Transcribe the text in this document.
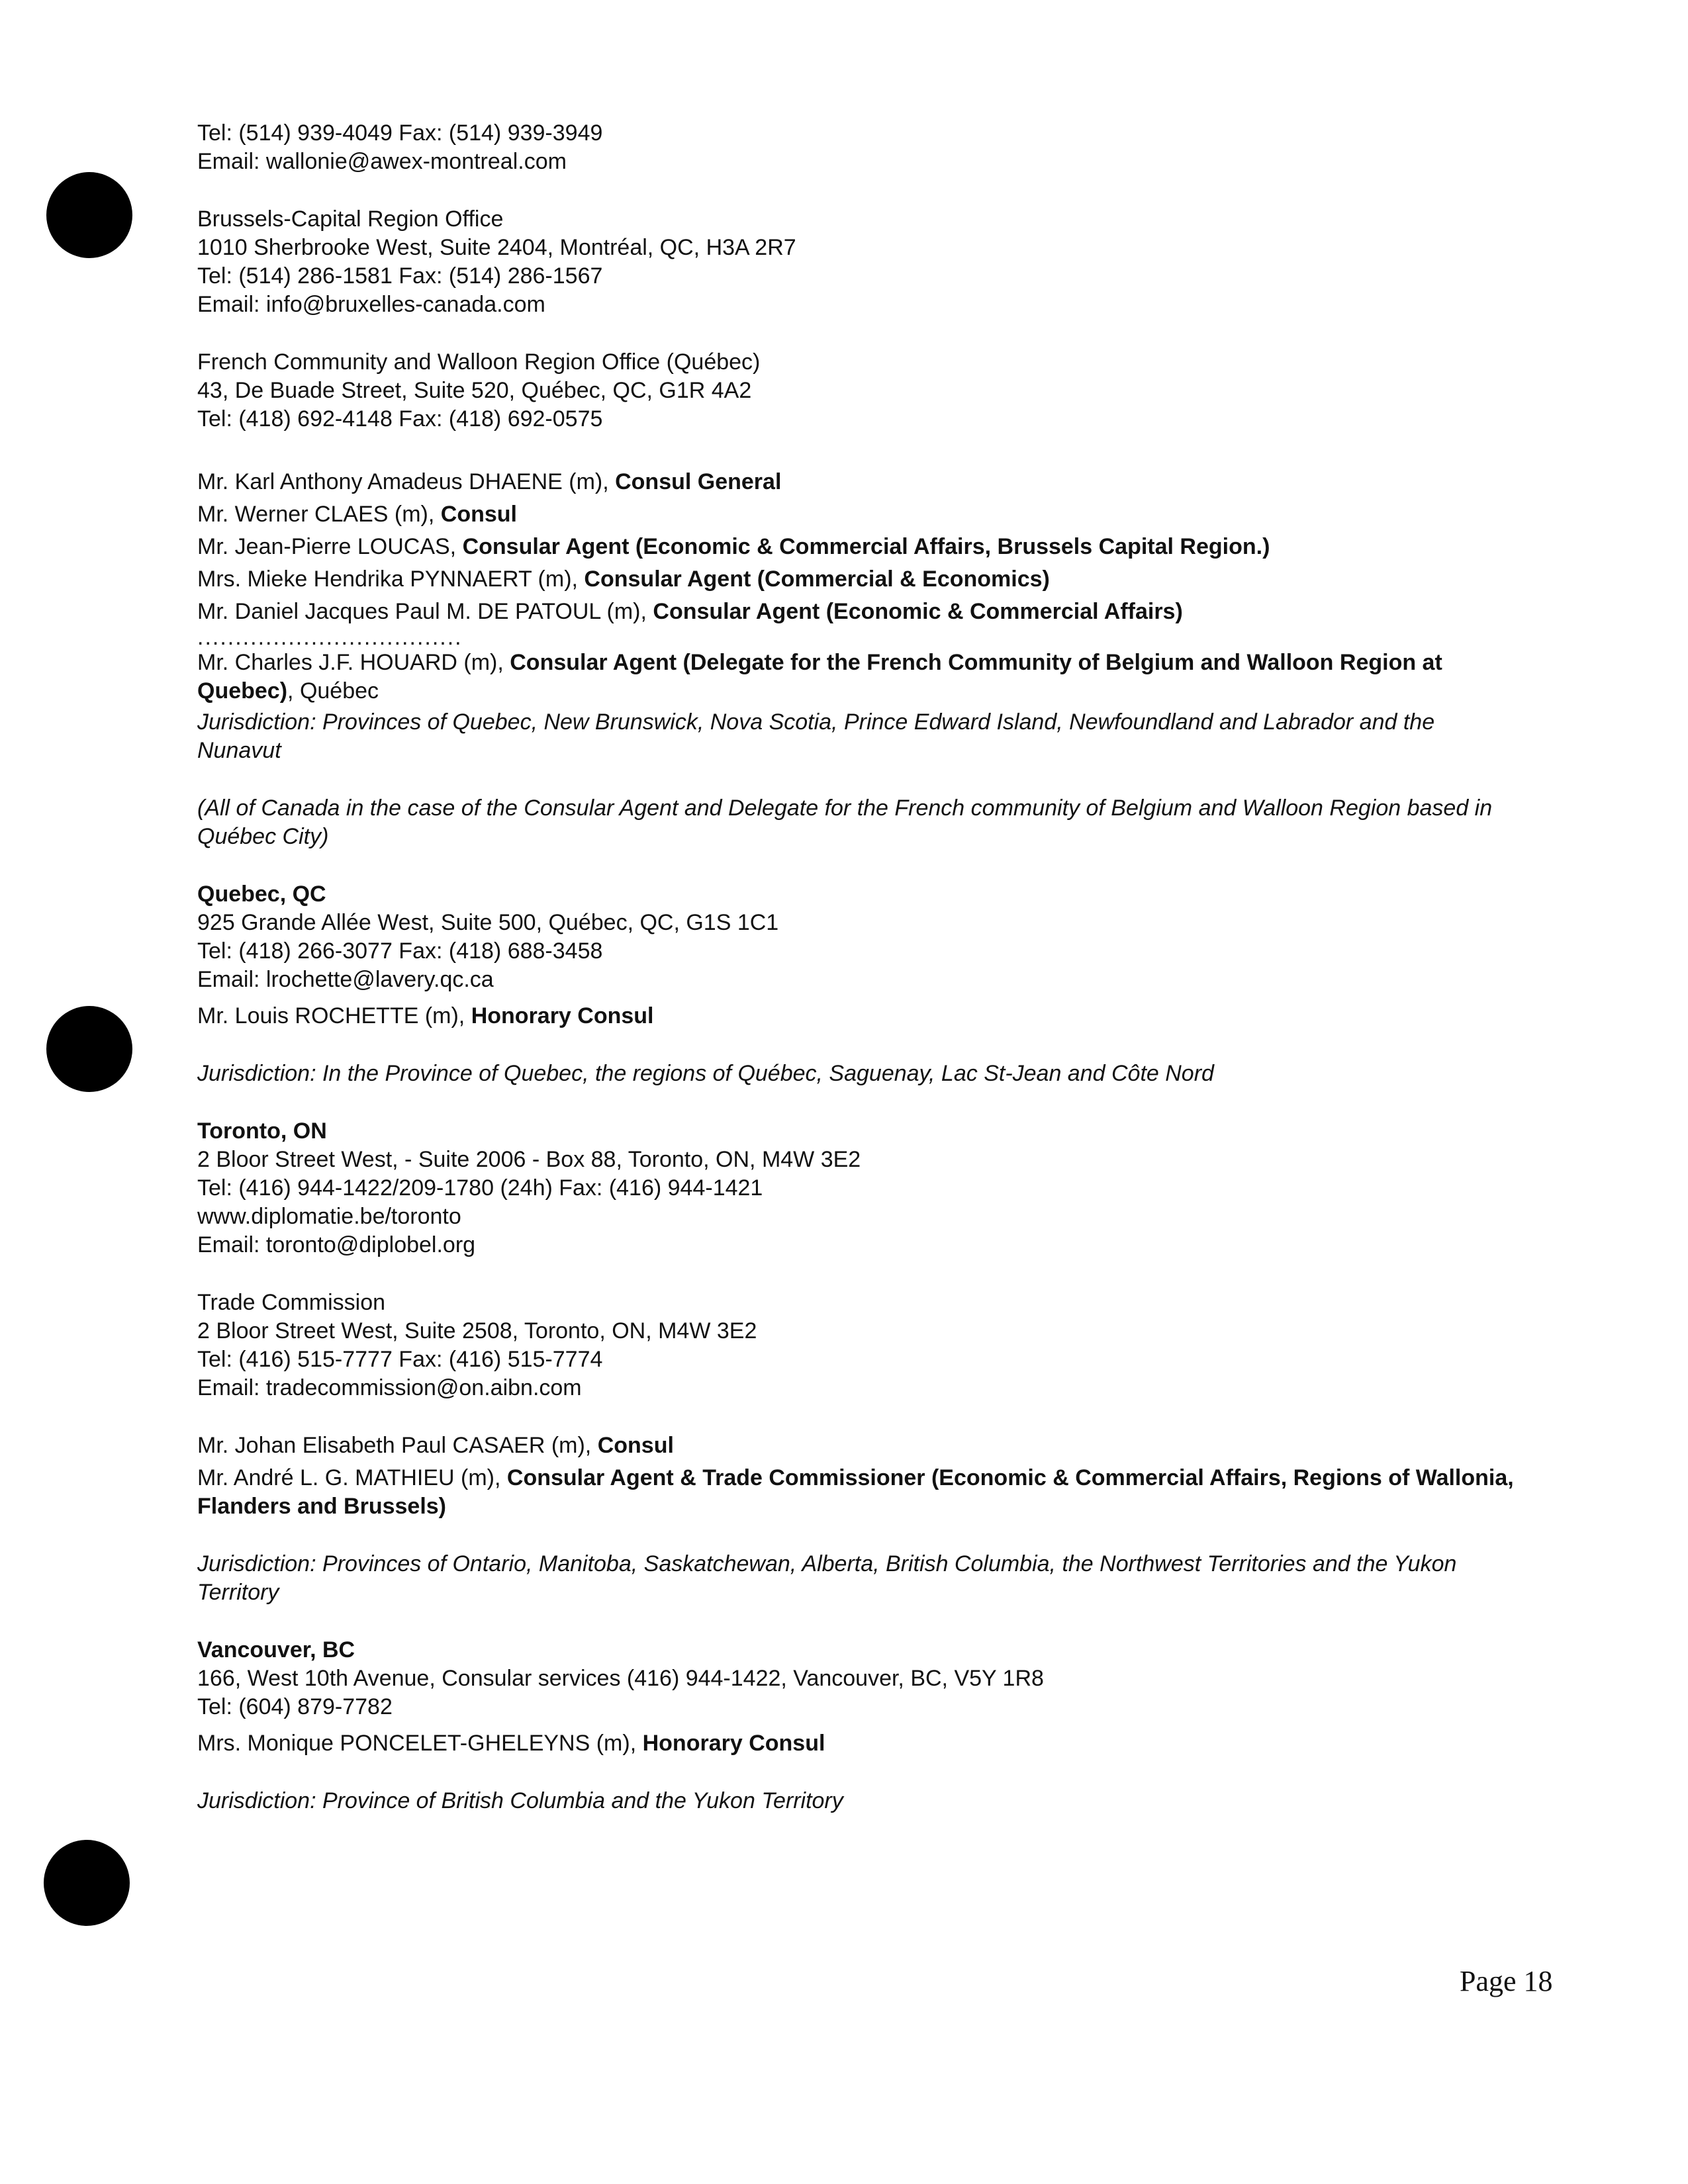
Tel: (514) 939-4049 Fax: (514) 939-3949
Email: wallonie@awex-montreal.com
Brussels-Capital Region Office
1010 Sherbrooke West, Suite 2404, Montréal, QC, H3A 2R7
Tel: (514) 286-1581 Fax: (514) 286-1567
Email: info@bruxelles-canada.com
French Community and Walloon Region Office (Québec)
43, De Buade Street, Suite 520, Québec, QC, G1R 4A2
Tel: (418) 692-4148 Fax: (418) 692-0575
Mr. Karl Anthony Amadeus DHAENE (m), Consul General
Mr. Werner CLAES (m), Consul
Mr. Jean-Pierre LOUCAS, Consular Agent (Economic & Commercial Affairs, Brussels Capital Region.)
Mrs. Mieke Hendrika PYNNAERT (m), Consular Agent (Commercial & Economics)
Mr. Daniel Jacques Paul M. DE PATOUL (m), Consular Agent (Economic & Commercial Affairs)
...................................
Mr. Charles J.F. HOUARD (m), Consular Agent (Delegate for the French Community of Belgium and Walloon Region at Quebec), Québec
Jurisdiction: Provinces of Quebec, New Brunswick, Nova Scotia, Prince Edward Island, Newfoundland and Labrador and the Nunavut
(All of Canada in the case of the Consular Agent and Delegate for the French community of Belgium and Walloon Region based in Québec City)
Quebec, QC
925 Grande Allée West, Suite 500, Québec, QC, G1S 1C1
Tel: (418) 266-3077 Fax: (418) 688-3458
Email: lrochette@lavery.qc.ca
Mr. Louis ROCHETTE (m), Honorary Consul
Jurisdiction: In the Province of Quebec, the regions of Québec, Saguenay, Lac St-Jean and Côte Nord
Toronto, ON
2 Bloor Street West, - Suite 2006 - Box 88, Toronto, ON, M4W 3E2
Tel: (416) 944-1422/209-1780 (24h) Fax: (416) 944-1421
www.diplomatie.be/toronto
Email: toronto@diplobel.org
Trade Commission
2 Bloor Street West, Suite 2508, Toronto, ON, M4W 3E2
Tel: (416) 515-7777 Fax: (416) 515-7774
Email: tradecommission@on.aibn.com
Mr. Johan Elisabeth Paul CASAER (m), Consul
Mr. André L. G. MATHIEU (m), Consular Agent & Trade Commissioner (Economic & Commercial Affairs, Regions of Wallonia, Flanders and Brussels)
Jurisdiction: Provinces of Ontario, Manitoba, Saskatchewan, Alberta, British Columbia, the Northwest Territories and the Yukon Territory
Vancouver, BC
166, West 10th Avenue, Consular services (416) 944-1422, Vancouver, BC, V5Y 1R8
Tel: (604) 879-7782
Mrs. Monique PONCELET-GHELEYNS (m), Honorary Consul
Jurisdiction: Province of British Columbia and the Yukon Territory
Page 18
